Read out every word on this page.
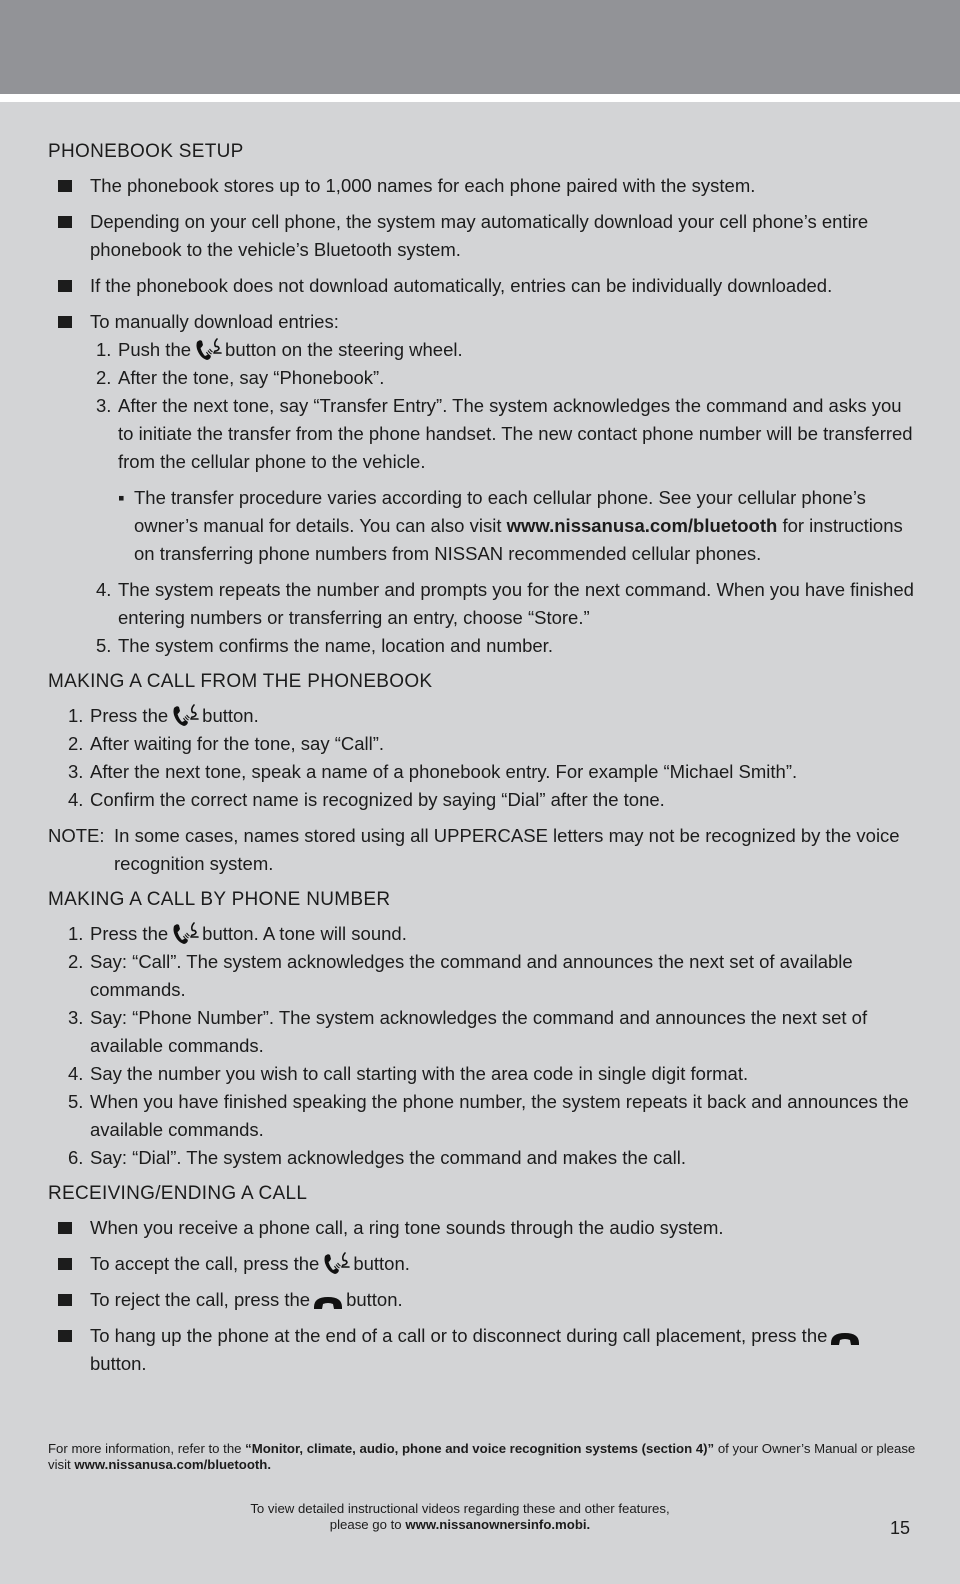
PHONEBOOK SETUP
The phonebook stores up to 1,000 names for each phone paired with the system.
Depending on your cell phone, the system may automatically download your cell phone’s entire phonebook to the vehicle’s Bluetooth system.
If the phonebook does not download automatically, entries can be individually downloaded.
To manually download entries:
1. Push the button on the steering wheel.
2. After the tone, say “Phonebook”.
3. After the next tone, say “Transfer Entry”. The system acknowledges the command and asks you to initiate the transfer from the phone handset. The new contact phone number will be transferred from the cellular phone to the vehicle.
▪ The transfer procedure varies according to each cellular phone. See your cellular phone’s owner’s manual for details. You can also visit www.nissanusa.com/bluetooth for instructions on transferring phone numbers from NISSAN recommended cellular phones.
4. The system repeats the number and prompts you for the next command. When you have finished entering numbers or transferring an entry, choose “Store.”
5. The system confirms the name, location and number.
MAKING A CALL FROM THE PHONEBOOK
1. Press the button.
2. After waiting for the tone, say “Call”.
3. After the next tone, speak a name of a phonebook entry. For example “Michael Smith”.
4. Confirm the correct name is recognized by saying “Dial” after the tone.
NOTE: In some cases, names stored using all UPPERCASE letters may not be recognized by the voice recognition system.
MAKING A CALL BY PHONE NUMBER
1. Press the button. A tone will sound.
2. Say: “Call”. The system acknowledges the command and announces the next set of available commands.
3. Say: “Phone Number”. The system acknowledges the command and announces the next set of available commands.
4. Say the number you wish to call starting with the area code in single digit format.
5. When you have finished speaking the phone number, the system repeats it back and announces the available commands.
6. Say: “Dial”. The system acknowledges the command and makes the call.
RECEIVING/ENDING A CALL
When you receive a phone call, a ring tone sounds through the audio system.
To accept the call, press the button.
To reject the call, press the button.
To hang up the phone at the end of a call or to disconnect during call placement, press thebutton.
For more information, refer to the “Monitor, climate, audio, phone and voice recognition systems (section 4)” of your Owner’s Manual or please visit www.nissanusa.com/bluetooth.
To view detailed instructional videos regarding these and other features,
please go to www.nissanownersinfo.mobi.	15
